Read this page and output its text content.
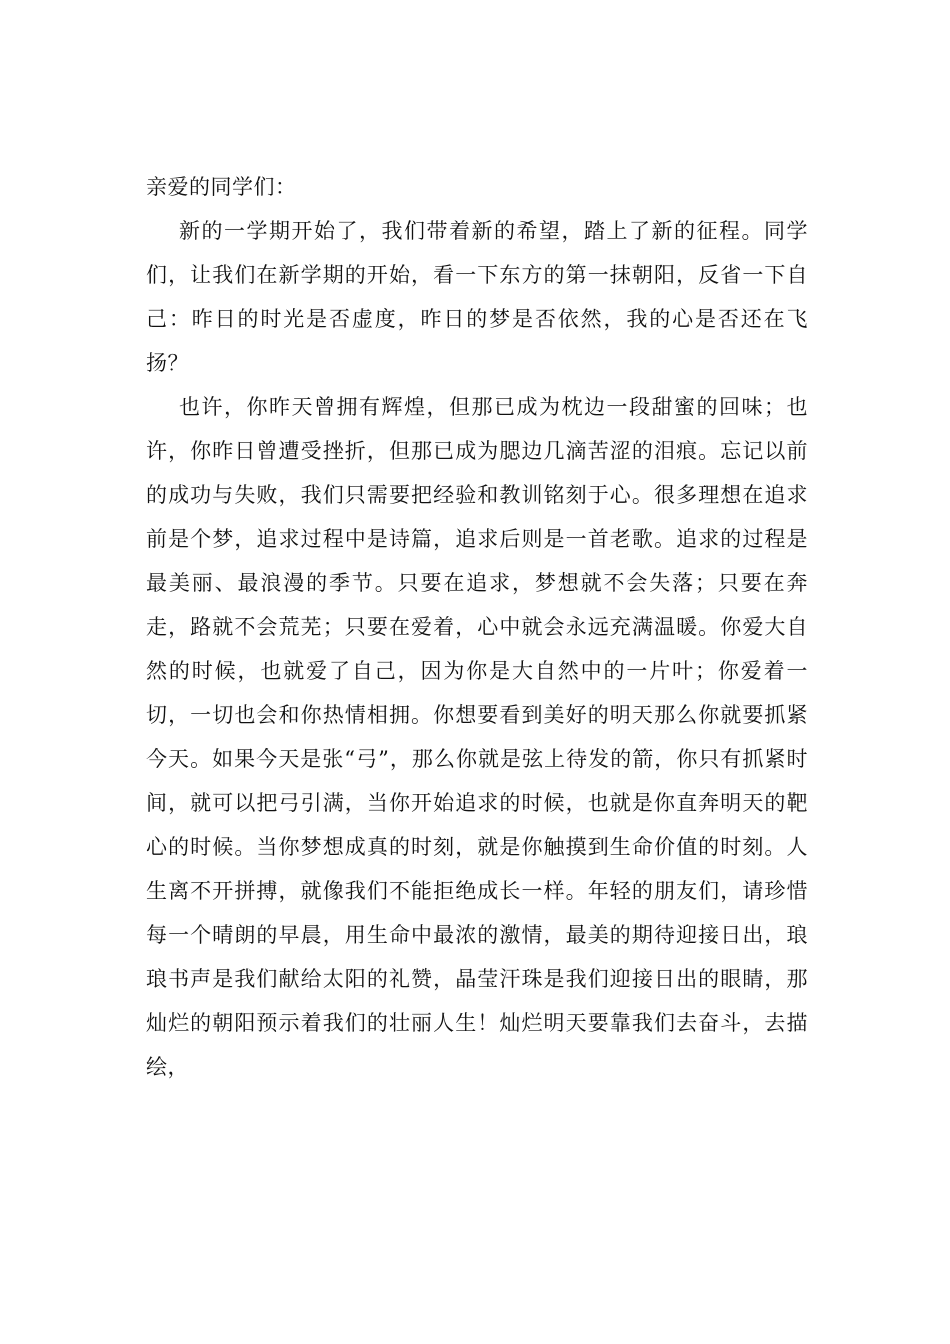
亲爱的同学们：

新的一学期开始了，我们带着新的希望，踏上了新的征程。同学们，让我们在新学期的开始，看一下东方的第一抹朝阳，反省一下自己：昨日的时光是否虚度，昨日的梦是否依然，我的心是否还在飞扬？

也许，你昨天曾拥有辉煌，但那已成为枕边一段甜蜜的回味；也许，你昨日曾遭受挫折，但那已成为腮边几滴苦涩的泪痕。忘记以前的成功与失败，我们只需要把经验和教训铭刻于心。很多理想在追求前是个梦，追求过程中是诗篇，追求后则是一首老歌。追求的过程是最美丽、最浪漫的季节。只要在追求，梦想就不会失落；只要在奔走，路就不会荒芜；只要在爱着，心中就会永远充满温暖。你爱大自然的时候，也就爱了自己，因为你是大自然中的一片叶；你爱着一切，一切也会和你热情相拥。你想要看到美好的明天那么你就要抓紧今天。如果今天是张“弓”，那么你就是弦上待发的箭，你只有抓紧时间，就可以把弓引满，当你开始追求的时候，也就是你直奔明天的靶心的时候。当你梦想成真的时刻，就是你触摸到生命价值的时刻。人生离不开拼搏，就像我们不能拒绝成长一样。年轻的朋友们，请珍惜每一个晴朗的早晨，用生命中最浓的激情，最美的期待迎接日出，琅琅书声是我们献给太阳的礼赞，晶莹汗珠是我们迎接日出的眼睛，那灿烂的朝阳预示着我们的壮丽人生！灿烂明天要靠我们去奋斗，去描绘，
